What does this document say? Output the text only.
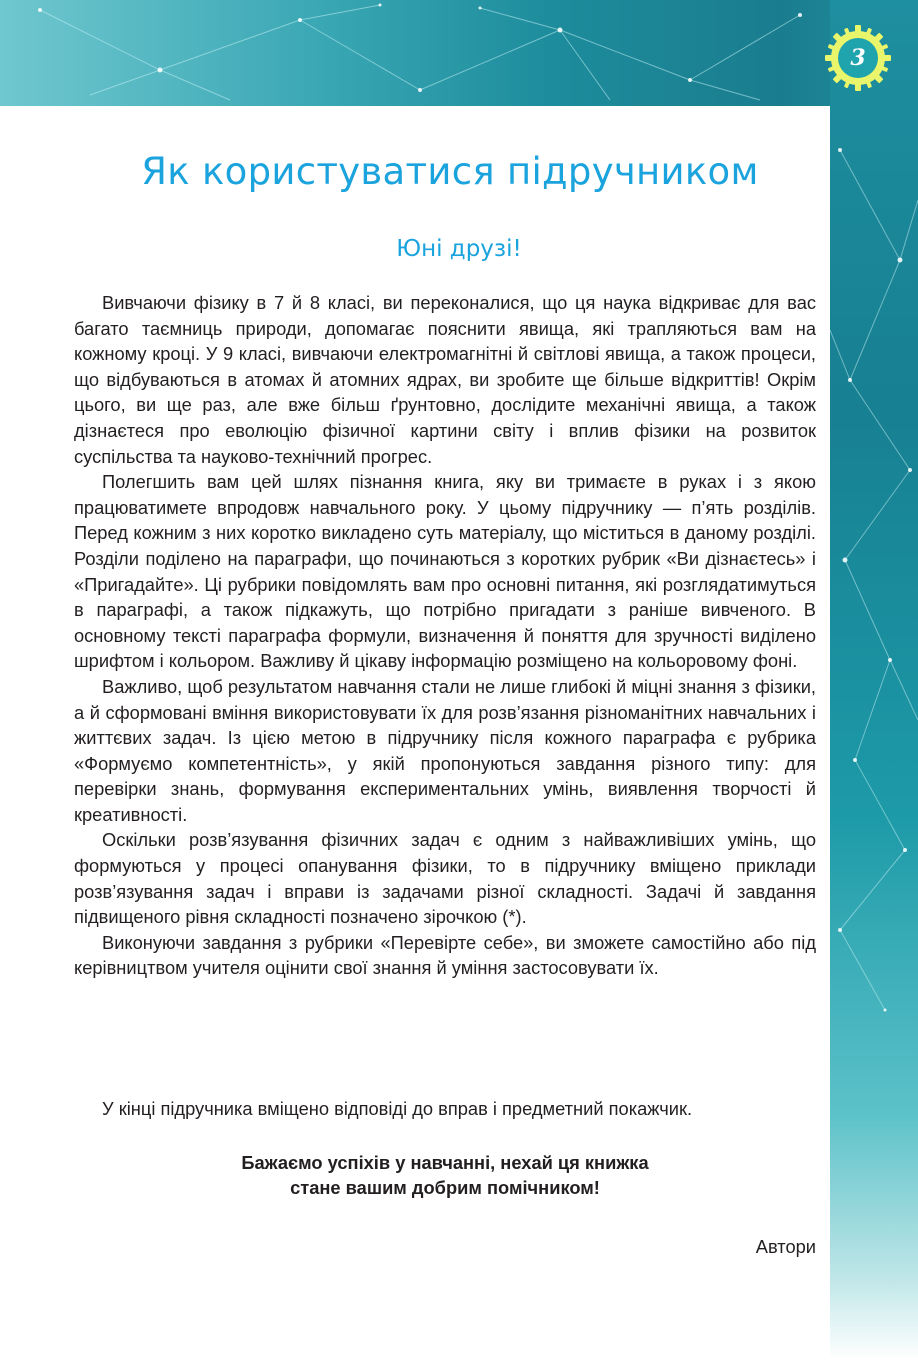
3
Як користуватися підручником
Юні друзі!

Вивчаючи фізику в 7 й 8 класі, ви переконалися, що ця наука відкриває для вас багато таємниць природи, допомагає пояснити явища, які трапляються вам на кожному кроці. У 9 класі, вивчаючи електромагнітні й світлові явища, а також процеси, що відбуваються в атомах й атомних ядрах, ви зробите ще більше відкриттів! Окрім цього, ви ще раз, але вже більш ґрунтовно, дослідите механічні явища, а також дізнаєтеся про еволюцію фізичної картини світу і вплив фізики на розвиток суспільства та науково-технічний прогрес.

Полегшить вам цей шлях пізнання книга, яку ви тримаєте в руках і з якою працюватимете впродовж навчального року. У цьому підручнику — п’ять розділів. Перед кожним з них коротко викладено суть матеріалу, що міститься в даному розділі. Розділи поділено на параграфи, що починаються з коротких рубрик «Ви дізнаєтесь» і «Пригадайте». Ці рубрики повідомлять вам про основні питання, які розглядатимуться в параграфі, а також підкажуть, що потрібно пригадати з раніше вивченого. В основному тексті параграфа формули, визначення й поняття для зручності виділено шрифтом і кольором. Важливу й цікаву інформацію розміщено на кольоровому фоні.

Важливо, щоб результатом навчання стали не лише глибокі й міцні знання з фізики, а й сформовані вміння використовувати їх для розв’язання різноманітних навчальних і життєвих задач. Із цією метою в підручнику після кожного параграфа є рубрика «Формуємо компетентність», у якій пропонуються завдання різного типу: для перевірки знань, формування експериментальних умінь, виявлення творчості й креативності.

Оскільки розв’язування фізичних задач є одним з найважливіших умінь, що формуються у процесі опанування фізики, то в підручнику вміщено приклади розв’язування задач і вправи із задачами різної складності. Задачі й завдання підвищеного рівня складності позначено зірочкою (*).

Виконуючи завдання з рубрики «Перевірте себе», ви зможете самостійно або під керівництвом учителя оцінити свої знання й уміння застосовувати їх.

У кінці підручника вміщено відповіді до вправ і предметний покажчик.
Бажаємо успіхів у навчанні, нехай ця книжка
стане вашим добрим помічником!
Автори
